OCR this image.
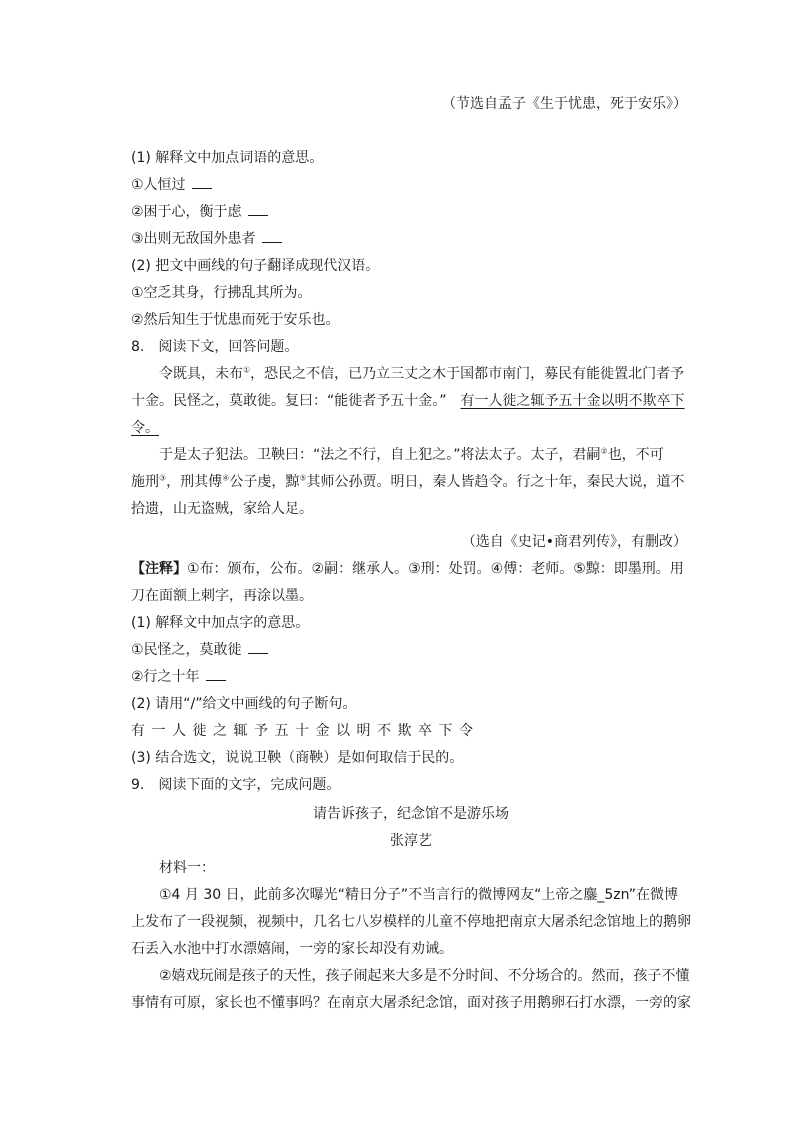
（节选自孟子《生于忧患，死于安乐》）
(1) 解释文中加点词语的意思。
①人恒过
②困于心，衡于虑
③出则无敌国外患者
(2) 把文中画线的句子翻译成现代汉语。
①空乏其身，行拂乱其所为。
②然后知生于忧患而死于安乐也。
8.　阅读下文，回答问题。
令既具，未布①，恐民之不信，已乃立三丈之木于国都市南门，募民有能徙置北门者予
十金。民怪之，莫敢徙。复曰：“能徙者予五十金。”　有一人徙之辄予五十金以明不欺卒下
令。
于是太子犯法。卫鞅曰：“法之不行，自上犯之。”将法太子。太子，君嗣②也，不可
施刑③，刑其傅④公子虔，黥⑤其师公孙贾。明日，秦人皆趋令。行之十年，秦民大说，道不
拾遗，山无盗贼，家给人足。
（选自《史记•商君列传》，有删改）
【注释】①布：颁布，公布。②嗣：继承人。③刑：处罚。④傅：老师。⑤黥：即墨刑。用
刀在面额上刺字，再涂以墨。
(1) 解释文中加点字的意思。
①民怪之，莫敢徙
②行之十年
(2) 请用“/”给文中画线的句子断句。
有一人徙之辄予五十金以明不欺卒下令
(3) 结合选文，说说卫鞅（商鞅）是如何取信于民的。
9.　阅读下面的文字，完成问题。
请告诉孩子，纪念馆不是游乐场
张淳艺
材料一：
①4 月 30 日，此前多次曝光“精日分子”不当言行的微博网友“上帝之鏖_5zn”在微博
上发布了一段视频，视频中，几名七八岁模样的儿童不停地把南京大屠杀纪念馆地上的鹅卵
石丢入水池中打水漂嬉闹，一旁的家长却没有劝诫。
②嬉戏玩闹是孩子的天性，孩子闹起来大多是不分时间、不分场合的。然而，孩子不懂
事情有可原，家长也不懂事吗？在南京大屠杀纪念馆，面对孩子用鹅卵石打水漂，一旁的家
